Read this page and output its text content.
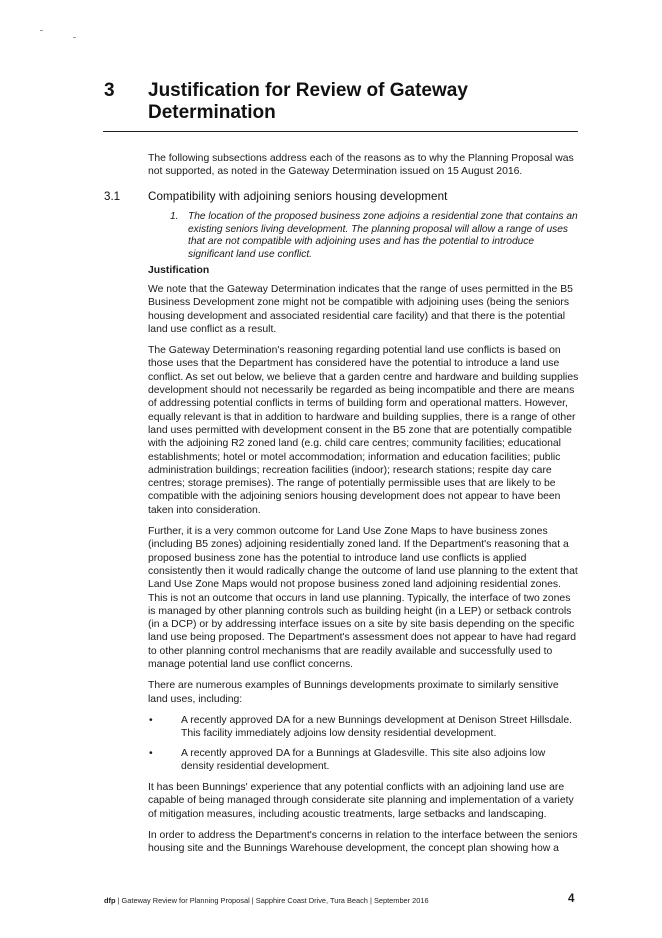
3 Justification for Review of Gateway Determination
The following subsections address each of the reasons as to why the Planning Proposal was not supported, as noted in the Gateway Determination issued on 15 August 2016.
3.1 Compatibility with adjoining seniors housing development
1. The location of the proposed business zone adjoins a residential zone that contains an existing seniors living development. The planning proposal will allow a range of uses that are not compatible with adjoining uses and has the potential to introduce significant land use conflict.
Justification

We note that the Gateway Determination indicates that the range of uses permitted in the B5 Business Development zone might not be compatible with adjoining uses (being the seniors housing development and associated residential care facility) and that there is the potential land use conflict as a result.

The Gateway Determination's reasoning regarding potential land use conflicts is based on those uses that the Department has considered have the potential to introduce a land use conflict. As set out below, we believe that a garden centre and hardware and building supplies development should not necessarily be regarded as being incompatible and there are means of addressing potential conflicts in terms of building form and operational matters. However, equally relevant is that in addition to hardware and building supplies, there is a range of other land uses permitted with development consent in the B5 zone that are potentially compatible with the adjoining R2 zoned land (e.g. child care centres; community facilities; educational establishments; hotel or motel accommodation; information and education facilities; public administration buildings; recreation facilities (indoor); research stations; respite day care centres; storage premises). The range of potentially permissible uses that are likely to be compatible with the adjoining seniors housing development does not appear to have been taken into consideration.

Further, it is a very common outcome for Land Use Zone Maps to have business zones (including B5 zones) adjoining residentially zoned land. If the Department's reasoning that a proposed business zone has the potential to introduce land use conflicts is applied consistently then it would radically change the outcome of land use planning to the extent that Land Use Zone Maps would not propose business zoned land adjoining residential zones. This is not an outcome that occurs in land use planning. Typically, the interface of two zones is managed by other planning controls such as building height (in a LEP) or setback controls (in a DCP) or by addressing interface issues on a site by site basis depending on the specific land use being proposed. The Department's assessment does not appear to have had regard to other planning control mechanisms that are readily available and successfully used to manage potential land use conflict concerns.

There are numerous examples of Bunnings developments proximate to similarly sensitive land uses, including:

•	A recently approved DA for a new Bunnings development at Denison Street Hillsdale. This facility immediately adjoins low density residential development.
•	A recently approved DA for a Bunnings at Gladesville. This site also adjoins low density residential development.

It has been Bunnings' experience that any potential conflicts with an adjoining land use are capable of being managed through considerate site planning and implementation of a variety of mitigation measures, including acoustic treatments, large setbacks and landscaping.

In order to address the Department's concerns in relation to the interface between the seniors housing site and the Bunnings Warehouse development, the concept plan showing how a

dfp | Gateway Review for Planning Proposal | Sapphire Coast Drive, Tura Beach | September 2016	4
